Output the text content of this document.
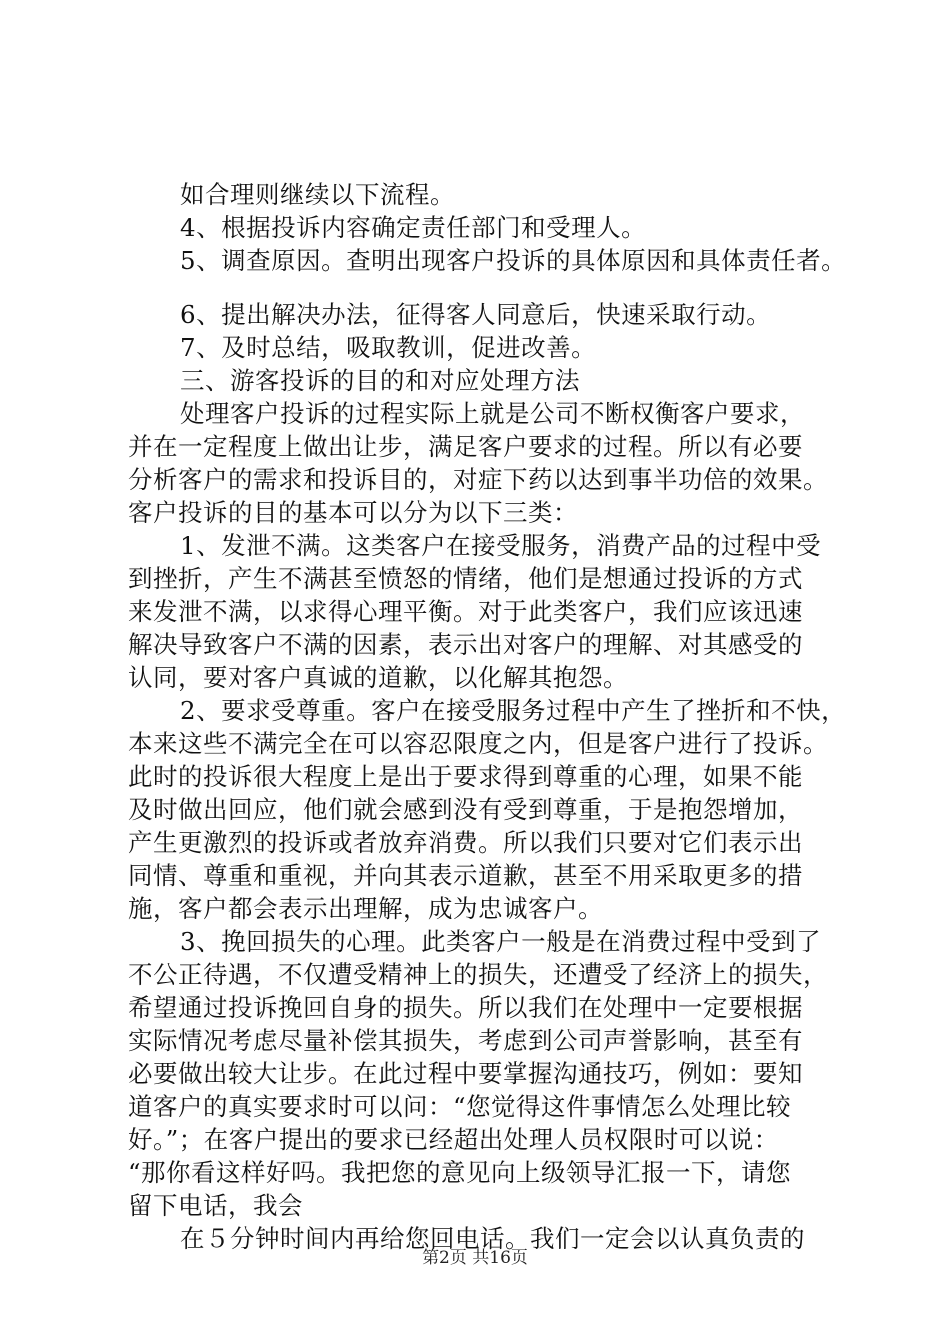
如合理则继续以下流程。
4、根据投诉内容确定责任部门和受理人。
5、调查原因。查明出现客户投诉的具体原因和具体责任者。
6、提出解决办法，征得客人同意后，快速采取行动。
7、及时总结，吸取教训，促进改善。
三、游客投诉的目的和对应处理方法
处理客户投诉的过程实际上就是公司不断权衡客户要求，
并在一定程度上做出让步，满足客户要求的过程。所以有必要
分析客户的需求和投诉目的，对症下药以达到事半功倍的效果。
客户投诉的目的基本可以分为以下三类：
1、发泄不满。这类客户在接受服务，消费产品的过程中受
到挫折，产生不满甚至愤怒的情绪，他们是想通过投诉的方式
来发泄不满，以求得心理平衡。对于此类客户，我们应该迅速
解决导致客户不满的因素，表示出对客户的理解、对其感受的
认同，要对客户真诚的道歉，以化解其抱怨。
2、要求受尊重。客户在接受服务过程中产生了挫折和不快，
本来这些不满完全在可以容忍限度之内，但是客户进行了投诉。
此时的投诉很大程度上是出于要求得到尊重的心理，如果不能
及时做出回应，他们就会感到没有受到尊重，于是抱怨增加，
产生更激烈的投诉或者放弃消费。所以我们只要对它们表示出
同情、尊重和重视，并向其表示道歉，甚至不用采取更多的措
施，客户都会表示出理解，成为忠诚客户。
3、挽回损失的心理。此类客户一般是在消费过程中受到了
不公正待遇，不仅遭受精神上的损失，还遭受了经济上的损失，
希望通过投诉挽回自身的损失。所以我们在处理中一定要根据
实际情况考虑尽量补偿其损失，考虑到公司声誉影响，甚至有
必要做出较大让步。在此过程中要掌握沟通技巧，例如：要知
道客户的真实要求时可以问：“您觉得这件事情怎么处理比较
好。”；在客户提出的要求已经超出处理人员权限时可以说：
“那你看这样好吗。我把您的意见向上级领导汇报一下，请您
留下电话，我会
在５分钟时间内再给您回电话。我们一定会以认真负责的
第2页 共16页
